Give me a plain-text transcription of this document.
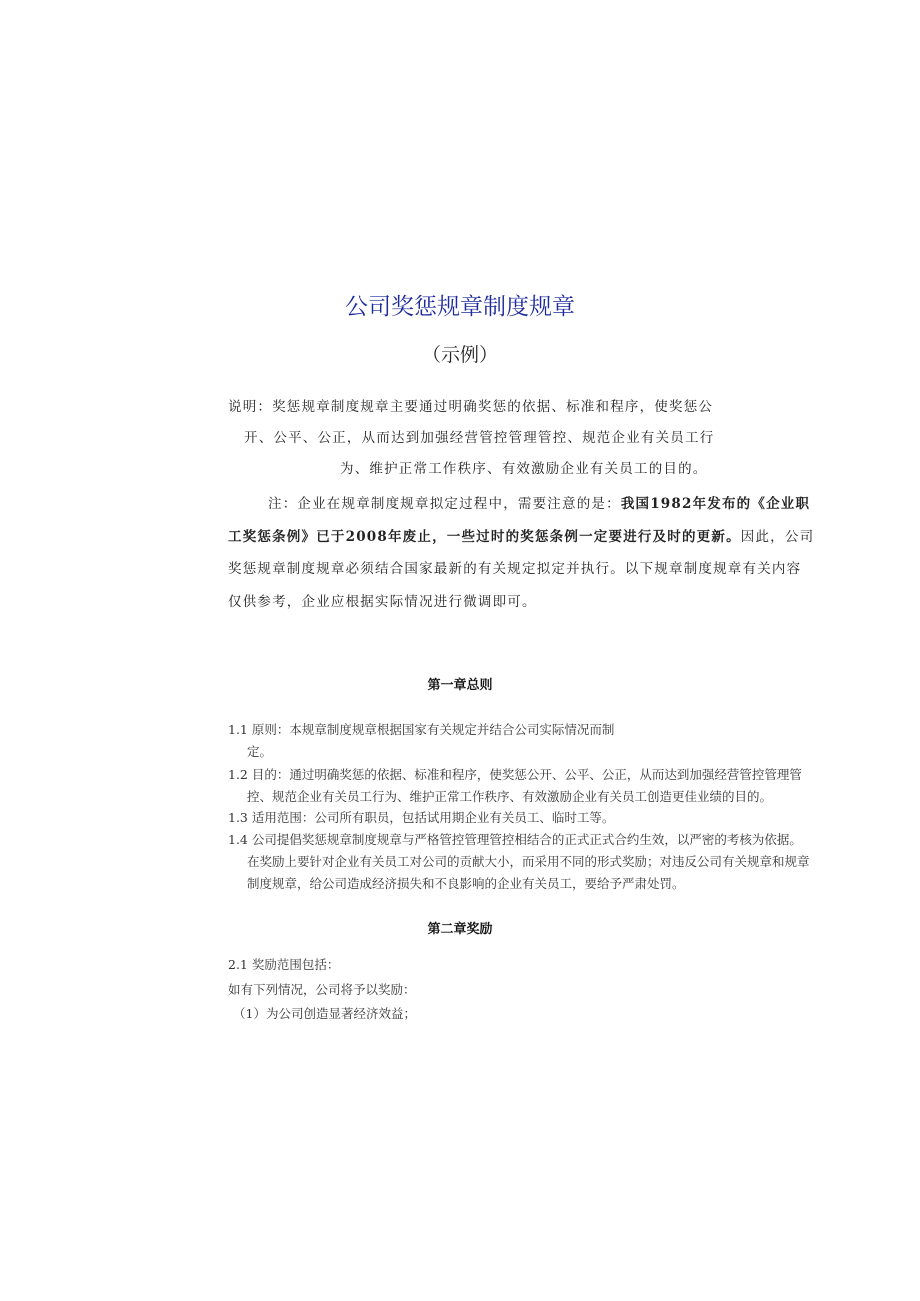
公司奖惩规章制度规章
（示例）
说明：奖惩规章制度规章主要通过明确奖惩的依据、标准和程序，使奖惩公
开、公平、公正，从而达到加强经营管控管理管控、规范企业有关员工行
为、维护正常工作秩序、有效激励企业有关员工的目的。
注：企业在规章制度规章拟定过程中，需要注意的是：我国1982年发布的《企业职
工奖惩条例》已于2008年废止，一些过时的奖惩条例一定要进行及时的更新。因此，公司
奖惩规章制度规章必须结合国家最新的有关规定拟定并执行。以下规章制度规章有关内容
仅供参考，企业应根据实际情况进行微调即可。
第一章总则
1.1 原则：本规章制度规章根据国家有关规定并结合公司实际情况而制
定。
1.2 目的：通过明确奖惩的依据、标准和程序，使奖惩公开、公平、公正，从而达到加强经营管控管理管
控、规范企业有关员工行为、维护正常工作秩序、有效激励企业有关员工创造更佳业绩的目的。
1.3 适用范围：公司所有职员，包括试用期企业有关员工、临时工等。
1.4 公司提倡奖惩规章制度规章与严格管控管理管控相结合的正式正式合约生效，以严密的考核为依据。
在奖励上要针对企业有关员工对公司的贡献大小，而采用不同的形式奖励；对违反公司有关规章和规章
制度规章，给公司造成经济损失和不良影响的企业有关员工，要给予严肃处罚。
第二章奖励
2.1 奖励范围包括：
如有下列情况，公司将予以奖励：
（1）为公司创造显著经济效益；
